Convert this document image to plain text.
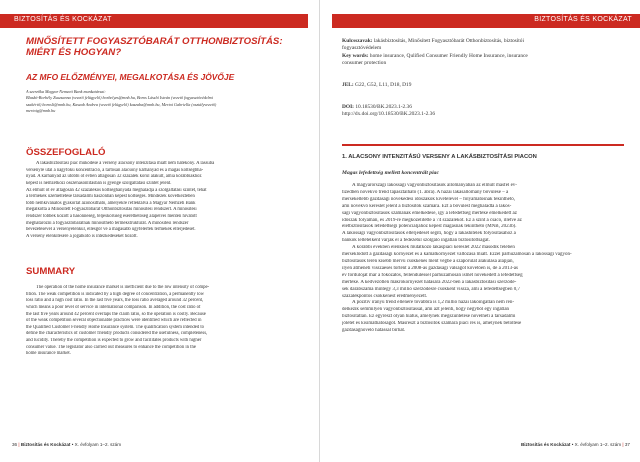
BIZTOSÍTÁS ÉS KOCKÁZAT
MINŐSÍTETT FOGYASZTÓBARÁT OTTHONBIZTOSÍTÁS: MIÉRT ÉS HOGYAN?
AZ MFO ELŐZMÉNYEI, MEGALKOTÁSA ÉS JÖVŐJE

A szerzőkа Magyar Nemzeti Bank munkatársai:

Blaskó-Borbély Zsuzsanna (vezető felügyelő) borbelyzs@mnb.hu, Boros László István (vezető fogyasztóvédelmi

szakértő) borosli@mnb.hu, Kaszab Andrea (vezető felügyelő) kaszaba@mnb.hu, Mertoi Gabriella (osztályvezető)

mertoig@mnb.hu

ÖSSZEFOGLALÓ

A lakásbiztosítási piac működése a verseny alacsony intenzitása miatt nem hatékony. A lassuba

versenyre utal a nagyfokú koncentráció, a tartósan alacsony kárhányad és a magas költségbhá-

nyad. A kárhányad az utóbbi öt évben átlagosan 32 százalék körül alakult, amia korábbiakhoz

képest is nemzetközi összehasonlításban is gyenge szolgáltatási szintet jelent.

Az elmúlt öt év átlagosan 42 százalékos költséghányada meghaladja a szolgáltatási szintet, tehát

a termékek üzemeltetése társadalmi haszonban képest költséges. Mindezek következtében

több nemkívánatos gyakorlat azonosítható, amelyekre reflektálva a Magyar Nemzeti Bank

megalkotta a Minősített Fogyasztóbarát Otthonbiztosítás minősítési rendszert. A minősítési

rendszer többek között a hasonneség, teljeskörűség éséréthetőség alapelvei mentén hívatott

meghatározni a fogyasztóbarátnak minősíthető termékstruktúrát. A minősítési rendszer

bevezetésével a versenyélénkül, ellesgőr ve a magasabb ügyfélérték termékek elterjedését.

A verseny élénkítésére a jogalkotó is intézkedéseket hozott.

SUMMARY

The operation of the home insurance market is inefficient due to the low intensity of compe-

tition. The weak competition is indicated by a high degree of concentration, a permanently low

loss ratio and a high cost ratio. In the last five years, the loss ratio averaged around 32 percent,

which means a poor level of service in international comparison. In addition, the cost ratio of

the last five years around 42 percent overlaps the claim ratio, so the operation is costly. Because

of the weak competition several objectionable practices were identified which are reflected in

the Qualified Customer Friendly Home Insurance system. The qualification system intended to

define the characteristics of customer friendly products considered the usefulness, completeness,

and lucidity. Thereby the competition is expected to grow and facilitates products with higher

consumer value. The legislator also carried out measures to enhance the competition in the

home insurance market.

36 | Biztosítás és Kockázat • X. évfolyam 1–2. szám
BIZTOSÍTÁS ÉS KOCKÁZAT

Kulcsszavak: lakásbiztosítás, Minősített Fogyasztóbarát Otthonbiztosítás, biztosítói

fogyasztóvédelem

Key words: home insurance, Qulified Consumer Friendly Home Insurance, insurance

consumer protection

JEL: G22, G52, L11, D18, D19

DOI: 10.18530/BK.2023.1-2.36

http://dx.doi.org/10.18530/BK.2023.1-2.36

1. ALACSONY INTENZITÁSÚ VERSENY A LAKÁSBIZTOSÍTÁSI PIACON
Magas lefedettség mellett koncentrált piac

A magyarországi lakossági vagyonbiztosítások állományában az elmúlt másfél év-

tizedben növekvő trend tapasztalható (1. ábra). A hazai lakásállomány bővülése – a

mérsékeltebb gazdasági növekedési időszakok kivételével – folyamatosnak tekinthető,

ami növekvő kereslet jelent a biztosítók számára. Ezt a bővülést meghaladta a lakos-

sági vagyonbiztosítások számának emelkedése, így a lefedettség mértéke emelkedett az

időszak folyamán, és 2019-re megközelítette a 74 százalékot. Ez a szint a csaco, illetve az

életbiztosítások lefedettségi potenciáljához képest magasnak tekinthető (MNB, 2023b).

A lakossági vagyonbiztosítások elterjedését segíti, hogy a lakáshitelek folyósításához a

bankok leltételként várják el a fedezetül szolgáló ingatlan biztosítottságát.

A korábbi években élénknek mutatkozó lakáspiaci kereslet 2022 második felében

mérséklődött a gazdasági környezet és a kamatkörnyezet változása miatt. Ezzel párhuzamosan a lakossági vagyon-

biztosítások terén kisebb mérvű csökkenés ment végbe a szaporulat alakulása alapján,

ilyen átmeneti visszaesés történt a 2008-as gazdasági válságot követően is, de a 2013-as

év fordulóját már a fokozatos, fellendüléssel párhuzamosan ismét növekedett a lefedettség

mértéke. A kedvezőtlen makrokörnyezet hatására 2022-ben a lakásbiztosítási szerződé-

sek darabszáma mintegy 3,3 millió szerződésre csökkent vissza, ami a lefedettségben 0,7

százalékpontos csökkenést eredményezett.

A pozitív irányú trend ellenére továbbra is 1,2 millió hazai lakóingatlan nem ren-

delkezik semmilyen vagyonbiztosítással, ami azt jelenti, hogy négyből egy ingatlan

biztosítatlan. Ez egyrészt olyan hiátus, amelynek megszüntetése növelheti a társadalmi

jólétet és kisimáthatóságot. Másrészt a biztosítók számára piaci rés is, amelynek betöltése

gazdaságnövelő hatással bírhat.

Biztosítás és Kockázat • X. évfolyam 1–2. szám | 37
